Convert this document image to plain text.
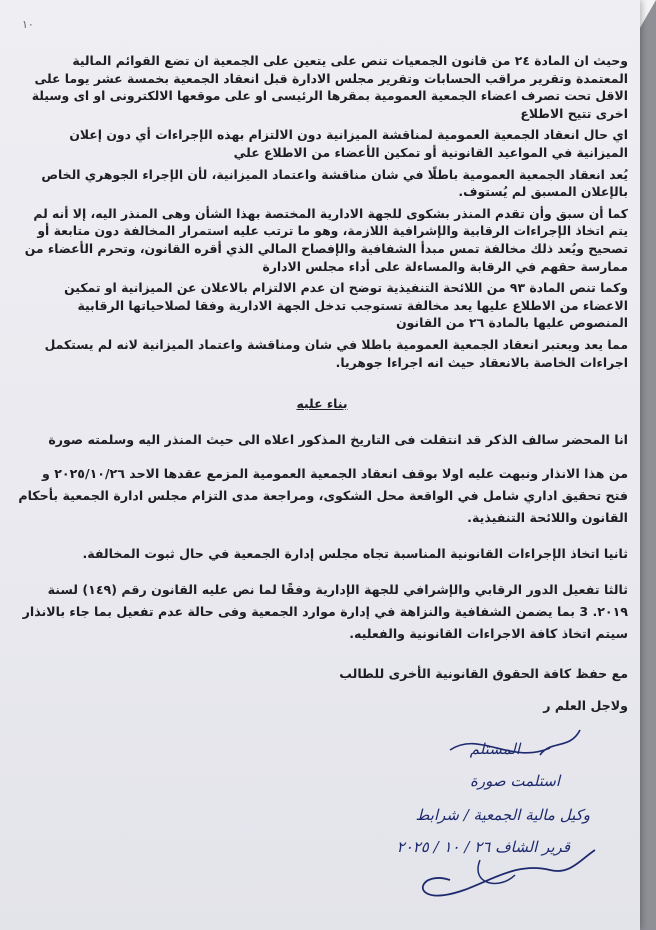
١٠

وحيث ان المادة ٢٤ من قانون الجمعيات تنص على يتعين على الجمعية ان تضع القوائم المالية المعتمدة وتقرير مراقب الحسابات وتقرير مجلس الادارة قبل انعقاد الجمعية بخمسة عشر يوما على الاقل تحت تصرف اعضاء الجمعية العمومية بمقرها الرئيسى او على موقعها الالكترونى او اى وسيلة اخرى تتيح الاطلاع

اي حال انعقاد الجمعية العمومية لمناقشة الميزانية دون الالتزام بهذه الإجراءات أي دون إعلان الميزانية في المواعيد القانونية أو تمكين الأعضاء من الاطلاع علي

يُعد انعقاد الجمعية العمومية باطلًا في شان مناقشة واعتماد الميزانية، لأن الإجراء الجوهري الخاص بالإعلان المسبق لم يُستوف.

كما أن سبق وأن تقدم المنذر بشكوى للجهة الادارية المختصة بهذا الشأن وهى المنذر اليه، إلا أنه لم يتم اتخاذ الإجراءات الرقابية والإشرافية اللازمة، وهو ما ترتب عليه استمرار المخالفة دون متابعة أو تصحيح ويُعد ذلك مخالفة تمس مبدأ الشفافية والإفصاح المالي الذي أقره القانون، وتحرم الأعضاء من ممارسة حقهم في الرقابة والمساءلة على أداء مجلس الادارة

وكما تنص المادة ٩٣ من اللائحة التنفيذية توضح ان عدم الالتزام بالاعلان عن الميزانية او تمكين الاعضاء من الاطلاع عليها يعد مخالفة تستوجب تدخل الجهة الادارية وفقا لصلاحياتها الرقابية المنصوص عليها بالمادة ٢٦ من القانون

مما يعد ويعتبر انعقاد الجمعية العمومية باطلا في شان ومناقشة واعتماد الميزانية لانه لم يستكمل اجراءات الخاصة بالانعقاد حيث انه اجراءا جوهريا.

بناء عليه

انا المحضر سالف الذكر قد انتقلت فى التاريخ المذكور اعلاه الى حيث المنذر اليه وسلمته صورة

من هذا الانذار ونبهت عليه اولا بوقف انعقاد الجمعية العمومية المزمع عقدها الاحد ٢٠٢٥/١٠/٢٦ و فتح تحقيق اداري شامل في الواقعة محل الشكوى، ومراجعة مدى التزام مجلس ادارة الجمعية بأحكام القانون واللائحة التنفيذية.

ثانيا اتخاذ الإجراءات القانونية المناسبة تجاه مجلس إدارة الجمعية في حال ثبوت المخالفة.

ثالثا تفعيل الدور الرقابي والإشرافي للجهة الإدارية وفقًا لما نص عليه القانون رقم (١٤٩) لسنة ٢٠١٩. 3 بما يضمن الشفافية والنزاهة في إدارة موارد الجمعية وفى حالة عدم تفعيل بما جاء بالانذار سيتم اتخاذ كافة الاجراءات القانونية والفعليه.

مع حفظ كافة الحقوق القانونية الأخرى للطالب

ولاجل العلم ﺭ

المستلم
استلمت صورة
وكيل مالية الجمعية / شرابط
قرير الشاف ٢٦ / ١٠ / ٢٠٢٥
